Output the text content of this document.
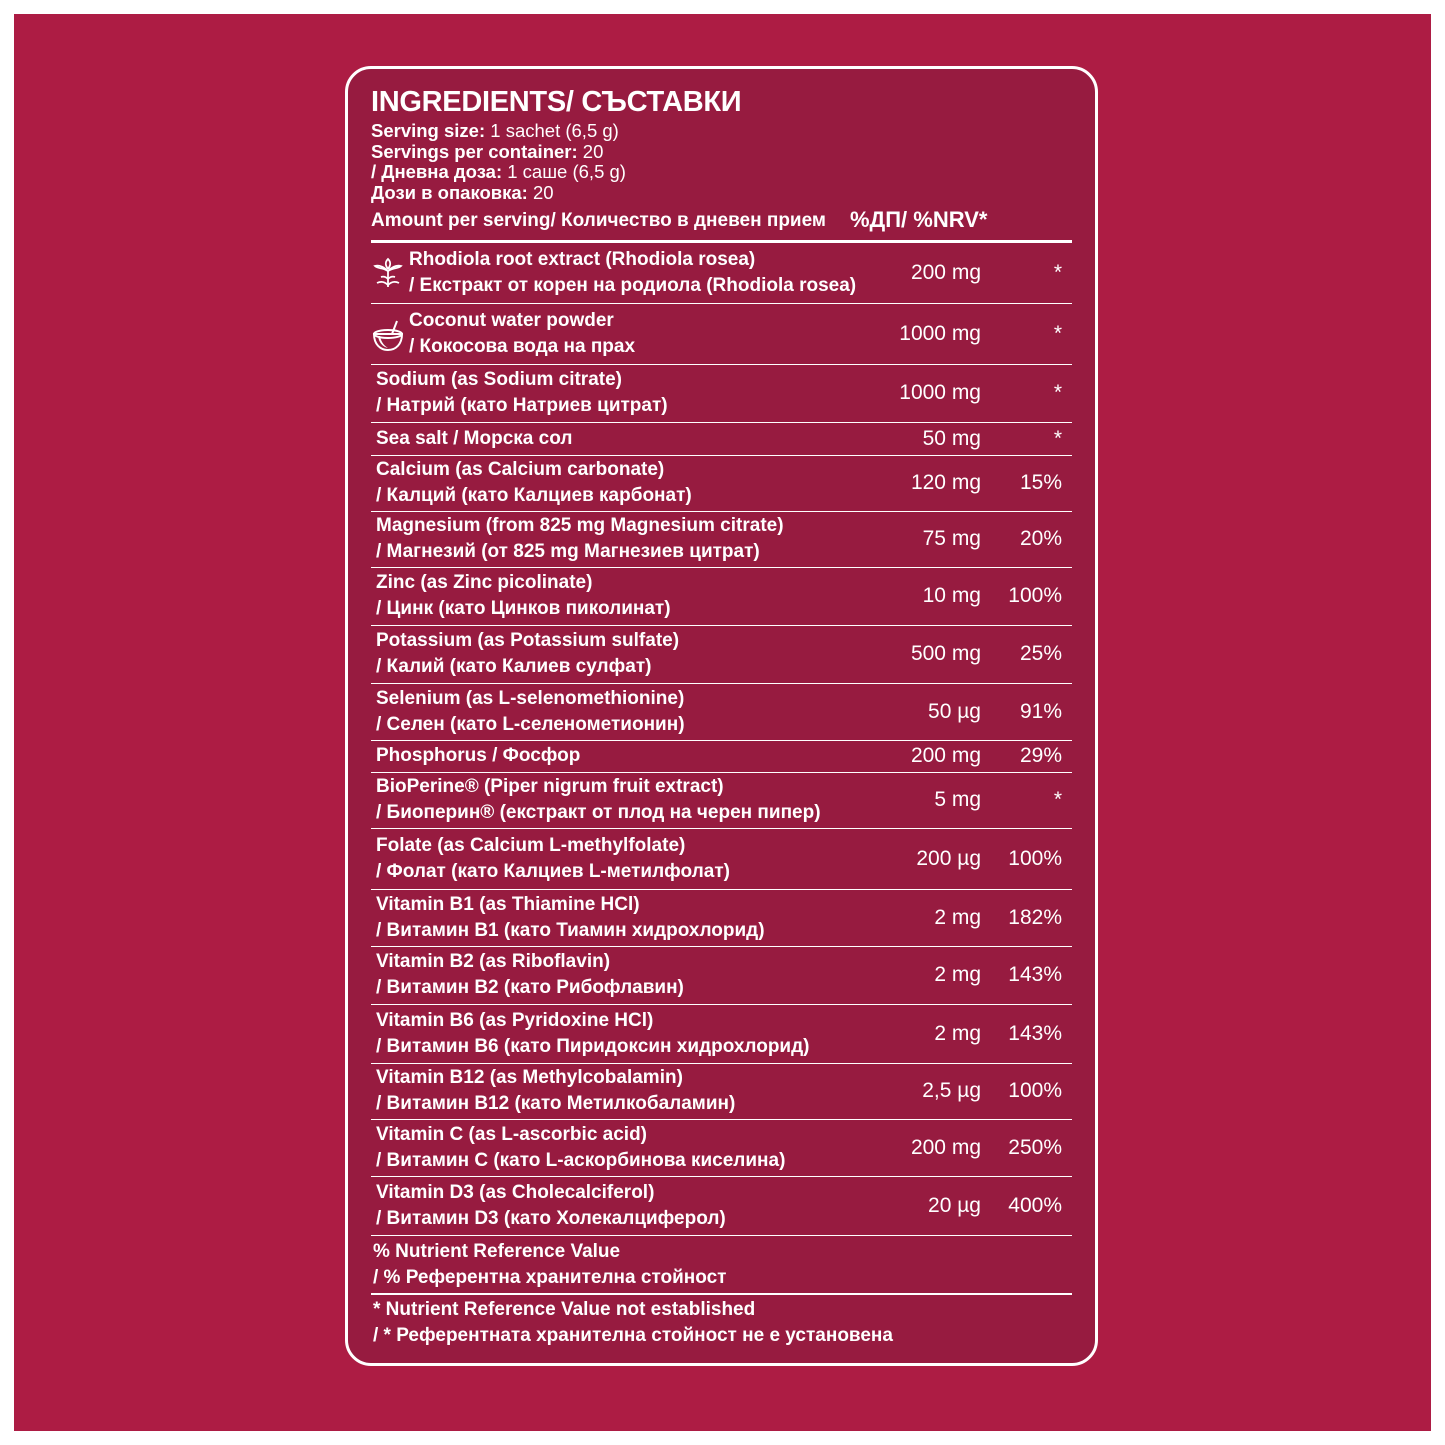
INGREDIENTS/ СЪСТАВКИ
Serving size: 1 sachet (6,5 g)
Servings per container: 20
/ Дневна доза: 1 саше (6,5 g)
Дози в опаковка: 20
Amount per serving/ Количество в дневен прием %ДП/ %NRV*
Rhodiola root extract (Rhodiola rosea)
/ Екстракт от корен на родиола (Rhodiola rosea)
200 mg	*
Coconut water powder
/ Кокосова вода на прах
1000 mg	*
Sodium (as Sodium citrate)
/ Натрий (като Натриев цитрат)
1000 mg	*
Sea salt / Морска сол	50 mg	*
Calcium (as Calcium carbonate)
/ Калций (като Калциев карбонат)
120 mg 15%
Magnesium (from 825 mg Magnesium citrate)
/ Магнезий (от 825 mg Магнезиев цитрат)
75 mg 20%
Zinc (as Zinc picolinate)
/ Цинк (като Цинков пиколинат)
10 mg 100%
Potassium (as Potassium sulfate)
/ Калий (като Калиев сулфат)
500 mg 25%
Selenium (as L-selenomethionine)
/ Селен (като L-селенометионин)
50 µg 91%
Phosphorus / Фосфор	200 mg 29%
BioPerine® (Piper nigrum fruit extract)
/ Биоперин® (екстракт от плод на черен пипер)
5 mg	*
Folate (as Calcium L-methylfolate)
/ Фолат (като Калциев L-метилфолат)
200 µg 100%
Vitamin B1 (as Thiamine HCl)
/ Витамин B1 (като Тиамин хидрохлорид)
2 mg 182%
Vitamin B2 (as Riboflavin)
/ Витамин B2 (като Рибофлавин)
2 mg 143%
Vitamin B6 (as Pyridoxine HCl)
/ Витамин B6 (като Пиридоксин хидрохлорид)
2 mg 143%
Vitamin B12 (as Methylcobalamin)
/ Витамин B12 (като Метилкобаламин)
2,5 µg 100%
Vitamin C (as L-ascorbic acid)
/ Витамин C (като L-аскорбинова киселина)
200 mg 250%
Vitamin D3 (as Cholecalciferol)
/ Витамин D3 (като Холекалциферол)
20 µg 400%
% Nutrient Reference Value
/ % Референтна хранителна стойност
* Nutrient Reference Value not established
/ * Референтната хранителна стойност не е установена
